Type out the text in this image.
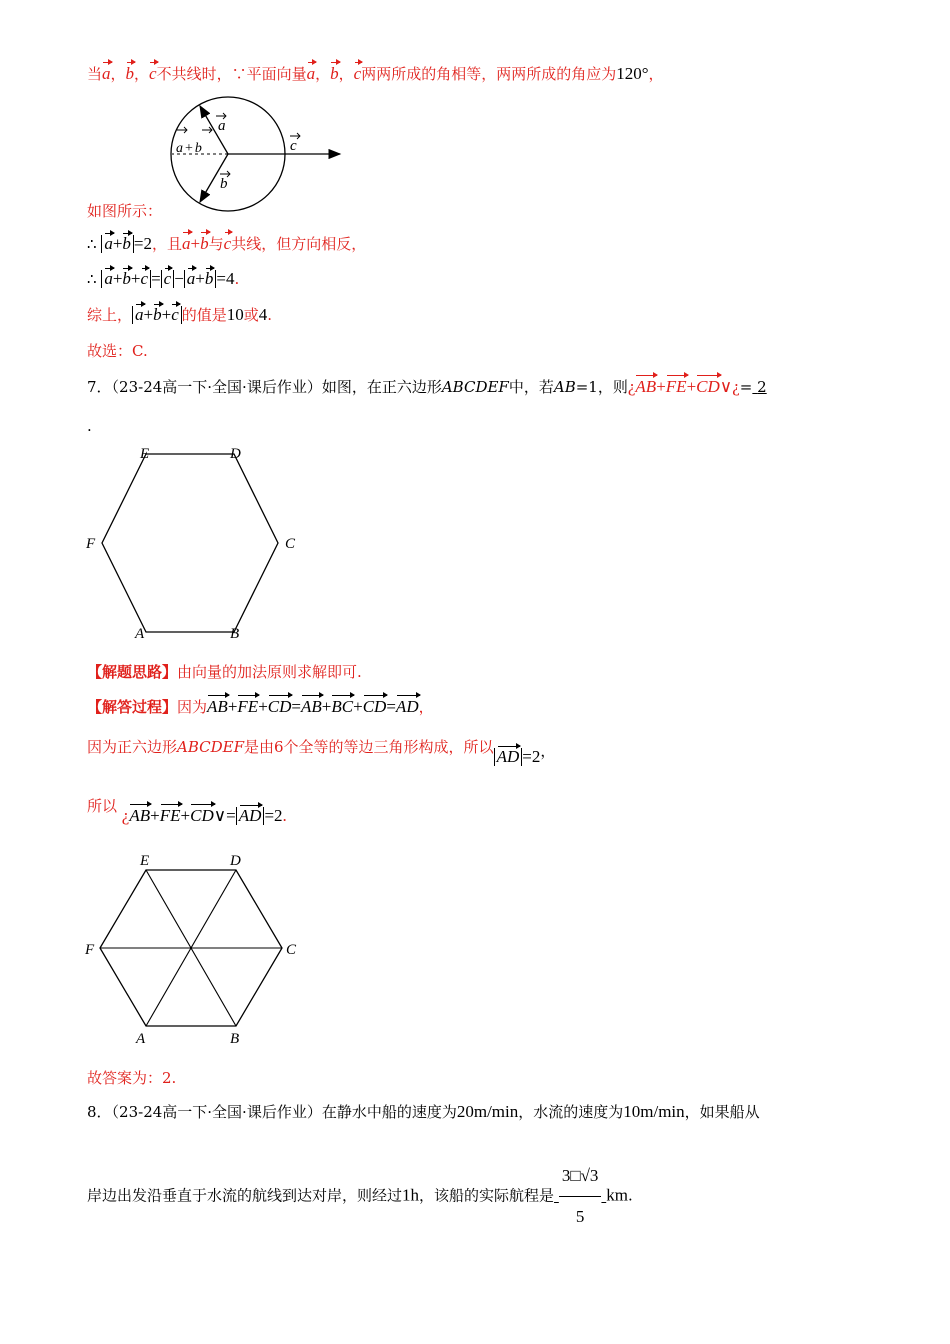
当a，b，c不共线时，∵平面向量a，b，c两两所成的角相等，两两所成的角应为120°，
a
c
b
a + b
如图所示：
∴ a+b =2，且a+b与c共线，但方向相反，
∴ a+b+c = c − a+b =4.
综上， a+b+c 的值是10或4.
故选：C.
7．（23-24高一下·全国·课后作业）如图，在正六边形ABCDEF中，若AB=1，则¿AB+FE+CD∨¿= 2
.
A	B
C
D
E
F
【解题思路】由向量的加法原则求解即可.
【解答过程】因为AB+FE+CD=AB+BC+CD=AD，
因为正六边形ABCDEF是由6个全等的等边三角形构成，所以 AD =2，
所以 ¿AB+FE+CD∨= AD =2.
A	B
C
D
E
F
故答案为：2.
8．（23-24高一下·全国·课后作业）在静水中船的速度为20m/min，水流的速度为10m/min，如果船从
岸边出发沿垂直于水流的航线到达对岸，则经过1h，该船的实际航程是 $\frac{3□√3}{5}$ km.
